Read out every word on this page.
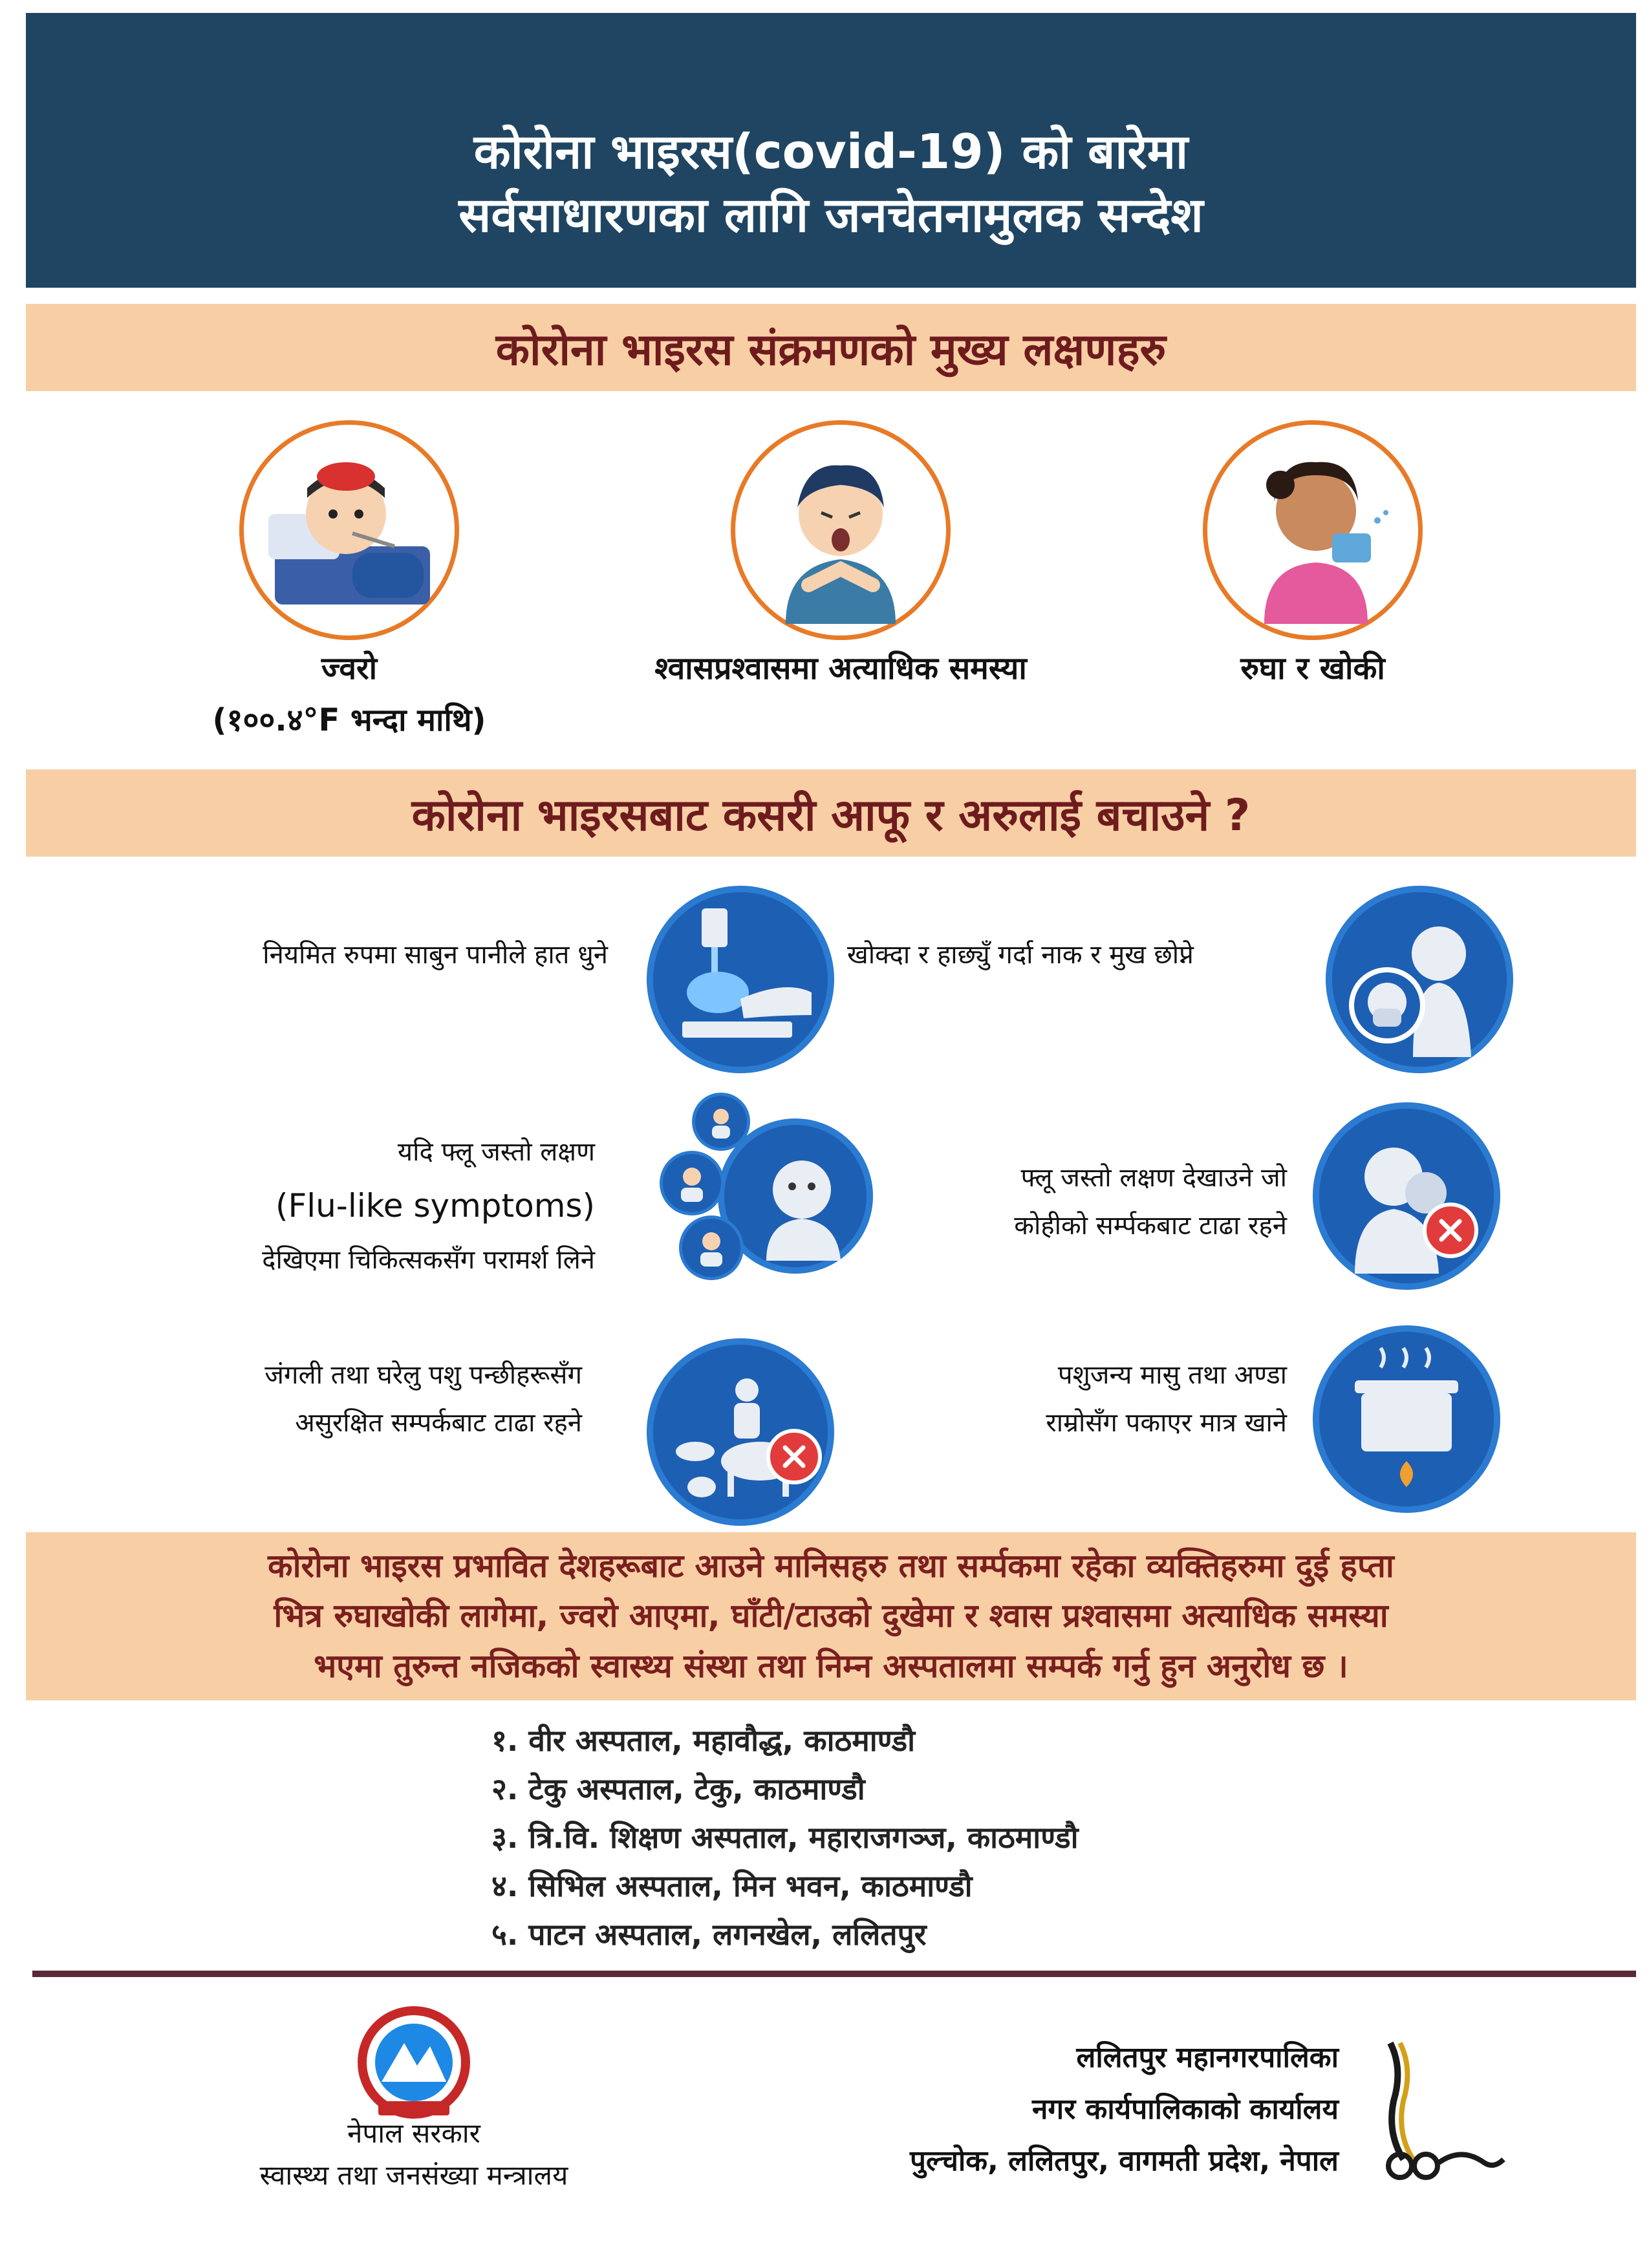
कोरोना भाइरस(covid-19) को बारेमा
सर्वसाधारणका लागि जनचेतनामुलक सन्देश
कोरोना भाइरस संक्रमणको मुख्य लक्षणहरु
ज्वरो
(१००.४°F भन्दा माथि)
श्वासप्रश्वासमा अत्याधिक समस्या	रुघा र खोकी
कोरोना भाइरसबाट कसरी आफू र अरुलाई बचाउने ?
नियमित रुपमा साबुन पानीले हात धुने	खोक्दा र हाछ्युँ गर्दा नाक र मुख छोप्ने
यदि फ्लू जस्तो लक्षण
(Flu-like symptoms)
देखिएमा चिकित्सकसँग परामर्श लिने
फ्लू जस्तो लक्षण देखाउने जो
कोहीको सर्म्पकबाट टाढा रहने
जंगली तथा घरेलु पशु पन्छीहरूसँग
असुरक्षित सम्पर्कबाट टाढा रहने
पशुजन्य मासु तथा अण्डा
राम्रोसँग पकाएर मात्र खाने

कोरोना भाइरस प्रभावित देशहरूबाट आउने मानिसहरु तथा सर्म्पकमा रहेका व्यक्तिहरुमा दुई हप्ता

भित्र रुघाखोकी लागेमा, ज्वरो आएमा, घाँटी/टाउको दुखेमा र श्वास प्रश्वासमा अत्याधिक समस्या

भएमा तुरुन्त नजिकको स्वास्थ्य संस्था तथा निम्न अस्पतालमा सम्पर्क गर्नु हुन अनुरोध छ ।

१. वीर अस्पताल, महावौद्ध, काठमाण्डौ
२. टेकु अस्पताल, टेकु, काठमाण्डौ
३. त्रि.वि. शिक्षण अस्पताल, महाराजगञ्ज, काठमाण्डौ
४. सिभिल अस्पताल, मिन भवन, काठमाण्डौ
५. पाटन अस्पताल, लगनखेल, ललितपुर
नेपाल सरकार
स्वास्थ्य तथा जनसंख्या मन्त्रालय
ललितपुर महानगरपालिका
नगर कार्यपालिकाको कार्यालय
पुल्चोक, ललितपुर, वागमती प्रदेश, नेपाल
